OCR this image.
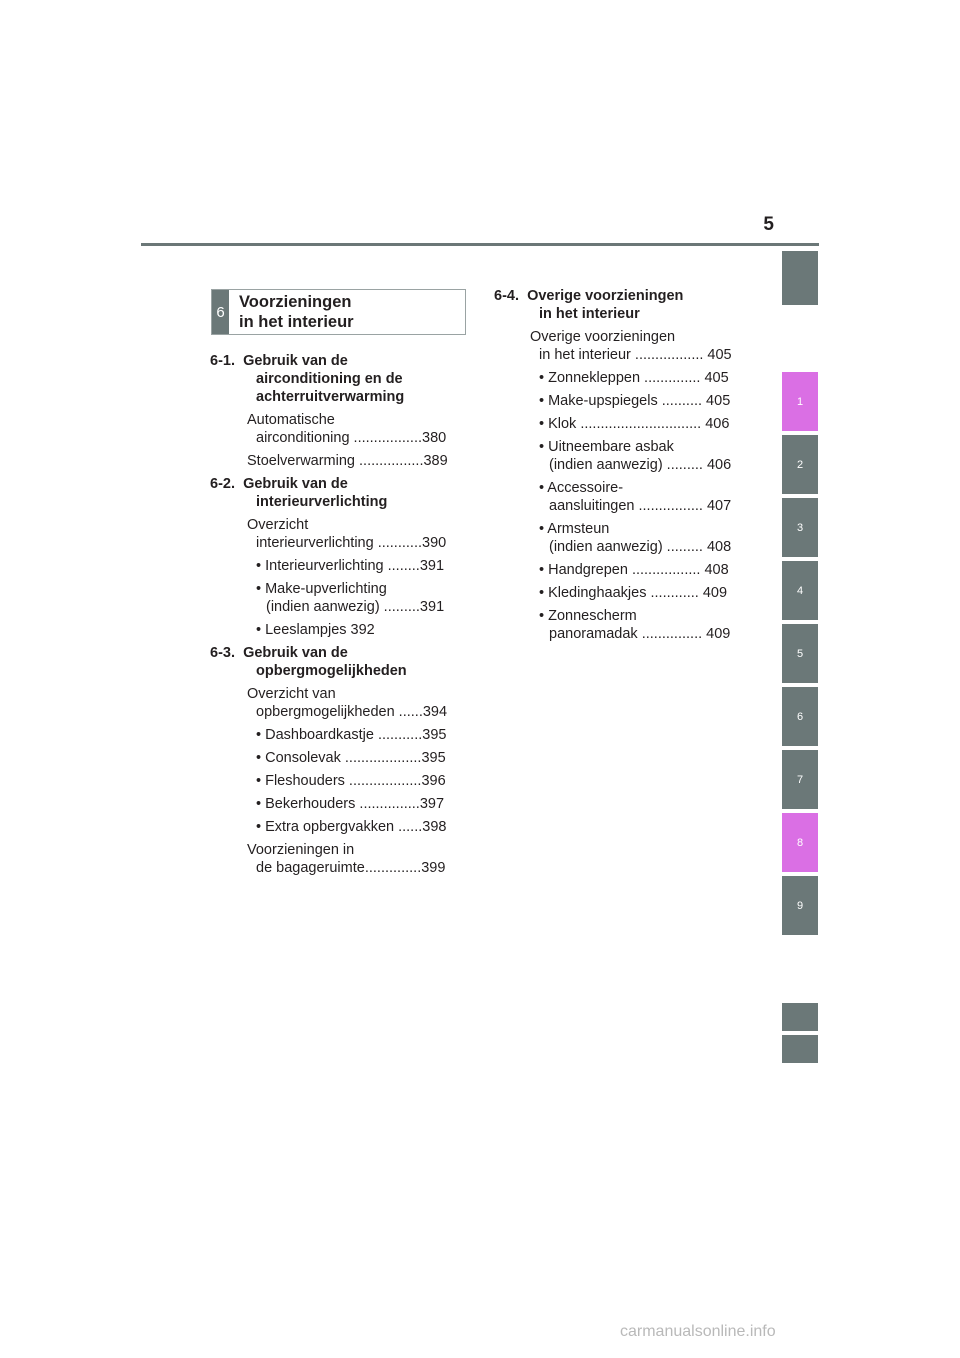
5
1
2
3
4
5
6
7
8
9
6
Voorzieningen
in het interieur
6-1. Gebruik van de
airconditioning en de
achterruitverwarming
Automatische
airconditioning .................380
Stoelverwarming ................389
6-2. Gebruik van de
interieurverlichting
Overzicht
interieurverlichting ...........390
• Interieurverlichting ........391
• Make-upverlichting
(indien aanwezig) .........391
• Leeslampjes 392
6-3. Gebruik van de
opbergmogelijkheden
Overzicht van
opbergmogelijkheden ......394
• Dashboardkastje ...........395
• Consolevak ...................395
• Fleshouders ..................396
• Bekerhouders ...............397
• Extra opbergvakken ......398
Voorzieningen in
de bagageruimte..............399
6-4. Overige voorzieningen
in het interieur
Overige voorzieningen
in het interieur ................. 405
• Zonnekleppen .............. 405
• Make-upspiegels .......... 405
• Klok .............................. 406
• Uitneembare asbak
(indien aanwezig) ......... 406
• Accessoire-
aansluitingen ................ 407
• Armsteun
(indien aanwezig) ......... 408
• Handgrepen ................. 408
• Kledinghaakjes ............ 409
• Zonnescherm
panoramadak ............... 409
carmanualsonline.info
